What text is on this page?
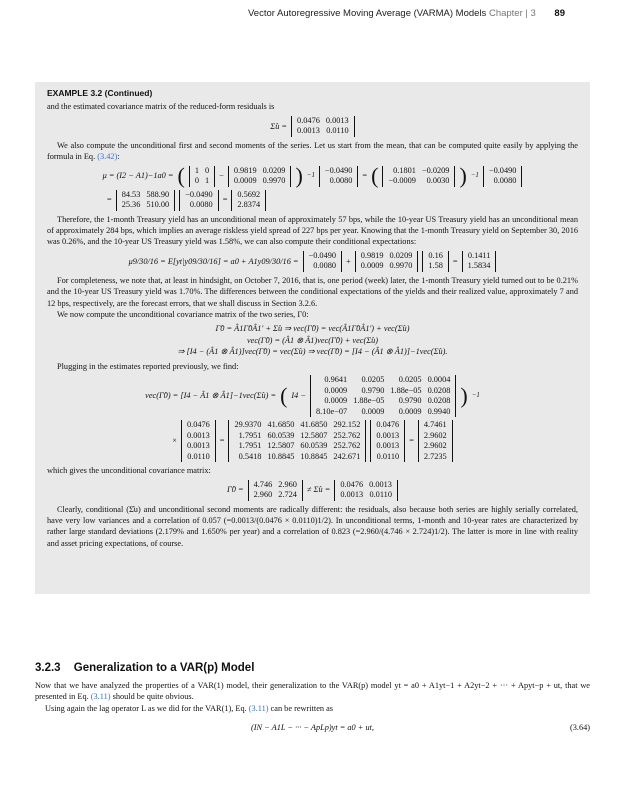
Vector Autoregressive Moving Average (VARMA) Models Chapter | 3 89
EXAMPLE 3.2 (Continued)

and the estimated covariance matrix of the reduced-form residuals is

Σ̂u =
0.0476	0.0013
0.0013	0.0110

We also compute the unconditional first and second moments of the series. Let us start from the mean, that can be computed quite easily by applying the formula in Eq. (3.42):

μ = (I2 − A1)−1a0 = ( 1	0
0	1
−
0.9819	0.0209
0.0009	0.9970 ) −1
−0.0490
0.0080
= ( 0.1801	−0.0209
−0.0009	0.0030 ) −1
−0.0490
0.0080
=
84.53	588.90
25.36	510.00
−0.0490
0.0080
=
0.5692
2.8374

Therefore, the 1-month Treasury yield has an unconditional mean of approximately 57 bps, while the 10-year US Treasury yield has an unconditional mean of approximately 284 bps, which implies an average riskless yield spread of 227 bps per year. Knowing that the 1-month Treasury yield on September 30, 2016 was 0.26%, and the 10-year US Treasury yield was 1.58%, we can also compute their conditional expectations:

μ9/30/16 = E[yt|y09/30/16] = a0 + A1y09/30/16 =
−0.0490
0.0080
+
0.9819	0.0209
0.0009	0.9970
0.16
1.58
=
0.1411
1.5834

For completeness, we note that, at least in hindsight, on October 7, 2016, that is, one period (week) later, the 1-month Treasury yield turned out to be 0.21% and the 10-year US Treasury yield was 1.70%. The differences between the conditional expectations of the yields and their realized value, approximately 7 and 12 bps, respectively, are the forecast errors, that we shall discuss in Section 3.2.6.

We now compute the unconditional covariance matrix of the two series, Γ0:

Γ̂0 = Â1Γ̂0Â1′ + Σ̂u ⇒ vec(Γ̂0) = vec(Â1Γ̂0Â1′) + vec(Σ̂u)
vec(Γ̂0) = (Â1 ⊗ Â1)vec(Γ̂0) + vec(Σ̂u)
⇒ [I4 − (Â1 ⊗ Â1)]vec(Γ̂0) = vec(Σ̂u) ⇒ vec(Γ̂0) = [I4 − (Â1 ⊗ Â1)]−1vec(Σ̂u).

Plugging in the estimates reported previously, we find:

vec(Γ̂0) = [I4 − Â1 ⊗ Â1]−1vec(Σ̂u) = ( I4 −
0.9641	0.0205	0.0205	0.0004
0.0009	0.9790	1.88e−05	0.0208
0.0009	1.88e−05	0.9790	0.0208
8.10e−07	0.0009	0.0009	0.9940
) −1
×
0.0476
0.0013
0.0013
0.0110
=
29.9370	41.6850	41.6850	292.152
1.7951	60.0539	12.5807	252.762
1.7951	12.5807	60.0539	252.762
0.5418	10.8845	10.8845	242.671
0.0476
0.0013
0.0013
0.0110
=
4.7461
2.9602
2.9602
2.7235

which gives the unconditional covariance matrix:

Γ̂0 =
4.746	2.960
2.960	2.724
≠ Σ̂u =
0.0476	0.0013
0.0013	0.0110

Clearly, conditional (Σ̂u) and unconditional second moments are radically different: the residuals, also because both series are highly serially correlated, have very low variances and a correlation of 0.057 (=0.0013/(0.0476 × 0.0110)1/2). In unconditional terms, 1-month and 10-year rates are characterized by rather large standard deviations (2.179% and 1.650% per year) and a correlation of 0.823 (=2.960/(4.746 × 2.724)1/2). The latter is more in line with reality and asset pricing expectations, of course.

3.2.3 Generalization to a VAR(p) Model

Now that we have analyzed the properties of a VAR(1) model, their generalization to the VAR(p) model yt = a0 + A1yt−1 + A2yt−2 + ··· + Apyt−p + ut, that we presented in Eq. (3.11) should be quite obvious.

Using again the lag operator L as we did for the VAR(1), Eq. (3.11) can be rewritten as

(IN − A1L − ··· − ApLp)yt = a0 + ut,	(3.64)
